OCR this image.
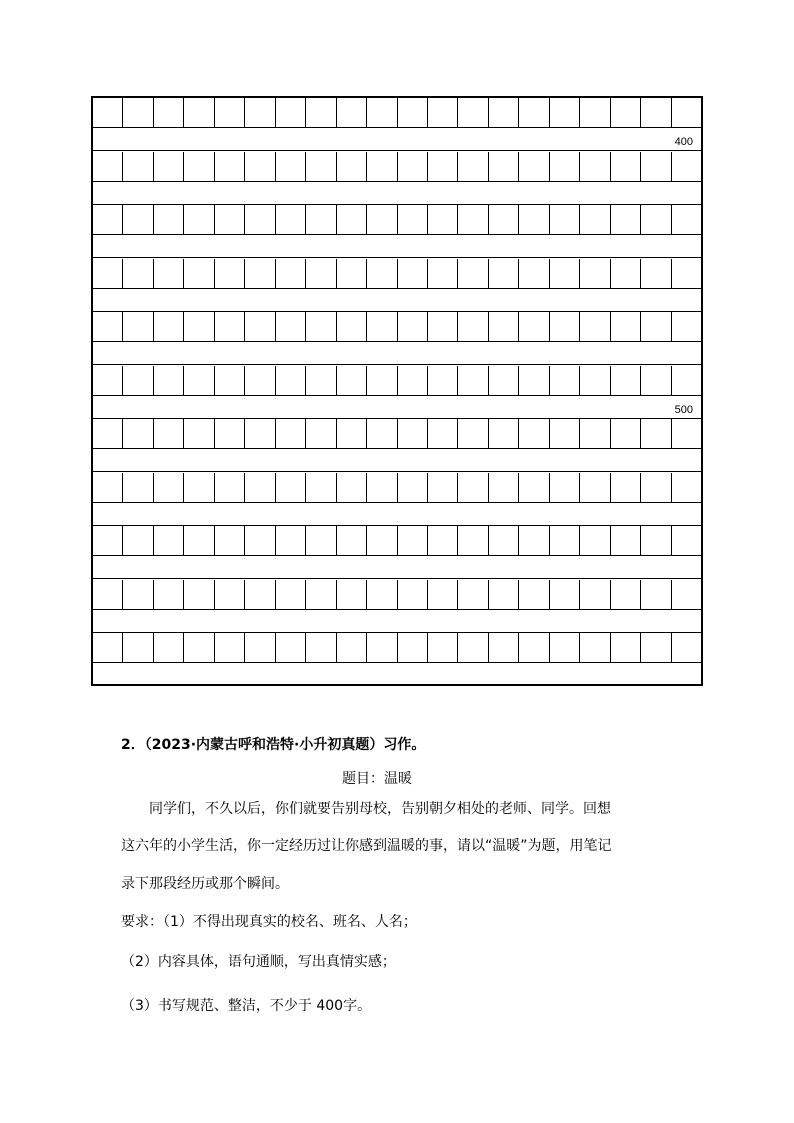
400
500
2．（2023·内蒙古呼和浩特·小升初真题）习作。
题目：温暖
同学们，不久以后，你们就要告别母校，告别朝夕相处的老师、同学。回想
这六年的小学生活，你一定经历过让你感到温暖的事，请以“温暖”为题，用笔记
录下那段经历或那个瞬间。
要求：（1）不得出现真实的校名、班名、人名；
（2）内容具体，语句通顺，写出真情实感；
（3）书写规范、整洁，不少于 400字。
